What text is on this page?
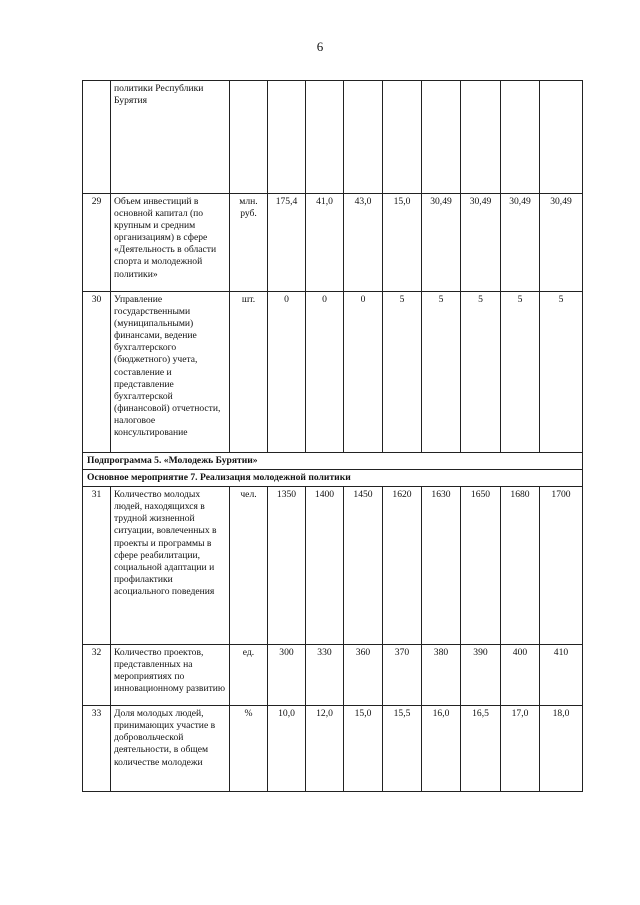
6
	политики Республики Бурятия									
29	Объем инвестиций в основной капитал (по крупным и средним организациям) в сфере «Деятельность в области спорта и молодежной политики»	млн. руб.	175,4	41,0	43,0	15,0	30,49	30,49	30,49	30,49
30	Управление государственными (муниципальными) финансами, ведение бухгалтерского (бюджетного) учета, составление и представление бухгалтерской (финансовой) отчетности, налоговое консультирование	шт.	0	0	0	5	5	5	5	5
Подпрограмма 5. «Молодежь Бурятии»										
Основное мероприятие 7. Реализация молодежной политики										
31	Количество молодых людей, находящихся в трудной жизненной ситуации, вовлеченных в проекты и программы в сфере реабилитации, социальной адаптации и профилактики асоциального поведения	чел.	1350	1400	1450	1620	1630	1650	1680	1700
32	Количество проектов, представленных на мероприятиях по инновационному развитию	ед.	300	330	360	370	380	390	400	410
33	Доля молодых людей, принимающих участие в добровольческой деятельности, в общем количестве молодежи	%	10,0	12,0	15,0	15,5	16,0	16,5	17,0	18,0
